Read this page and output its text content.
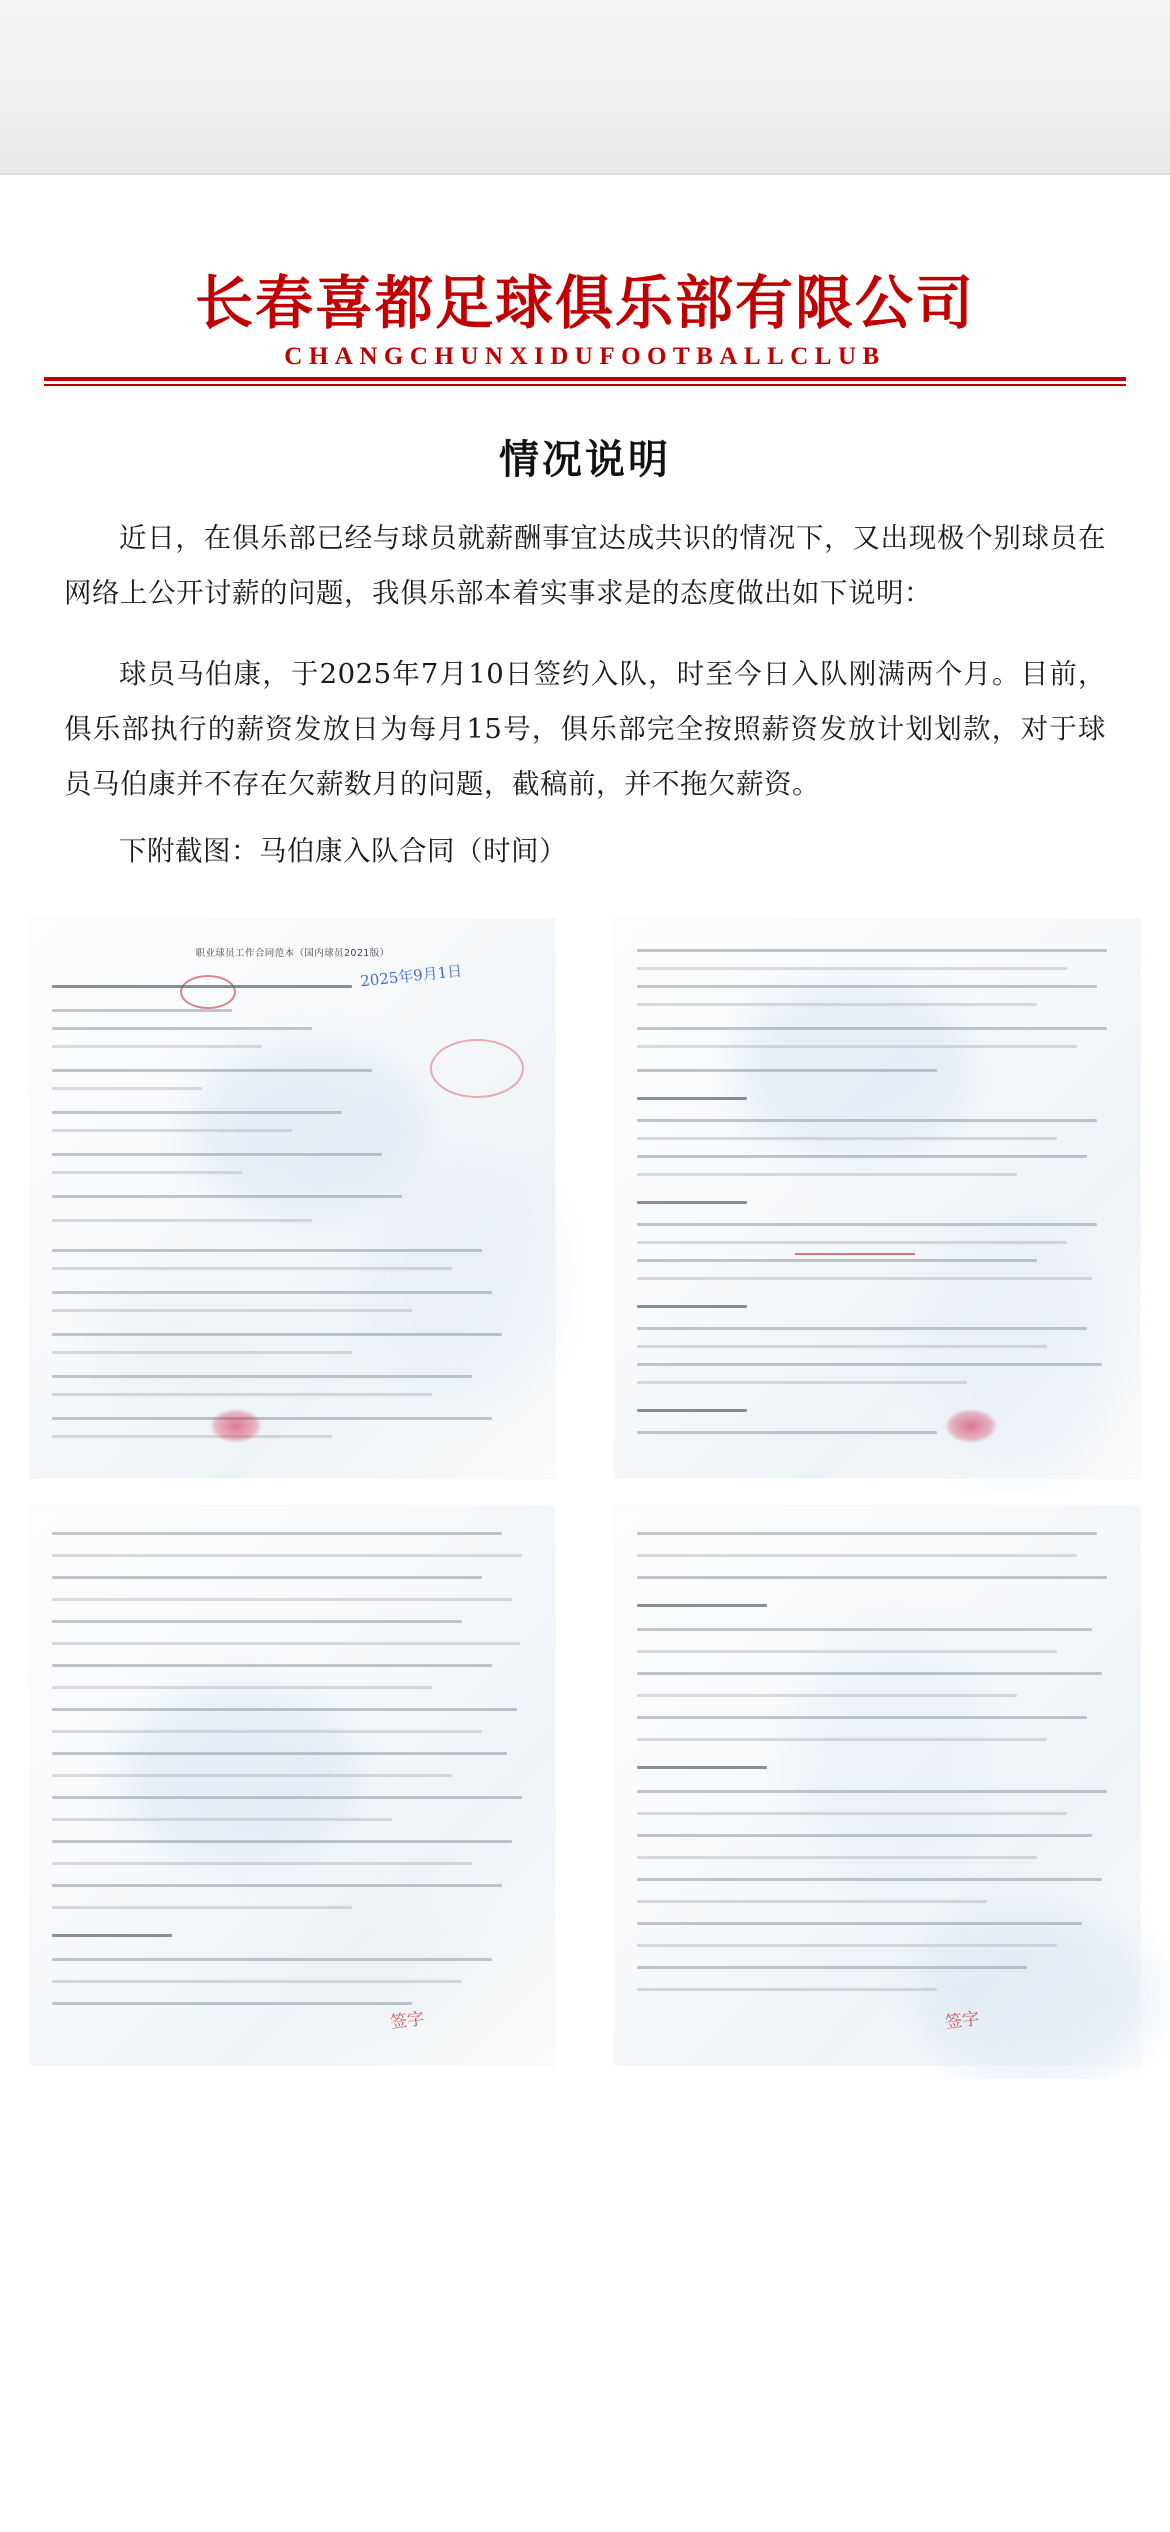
长春喜都足球俱乐部有限公司
CHANGCHUNXIDUFOOTBALLCLUB
情况说明
近日，在俱乐部已经与球员就薪酬事宜达成共识的情况下，又出现极个别球员在网络上公开讨薪的问题，我俱乐部本着实事求是的态度做出如下说明：
球员马伯康，于2025年7月10日签约入队，时至今日入队刚满两个月。目前，俱乐部执行的薪资发放日为每月15号，俱乐部完全按照薪资发放计划划款，对于球员马伯康并不存在欠薪数月的问题，截稿前，并不拖欠薪资。
下附截图：马伯康入队合同（时间）
职业球员工作合同范本（国内球员2021版）
2025年9月1日
签字	签字
